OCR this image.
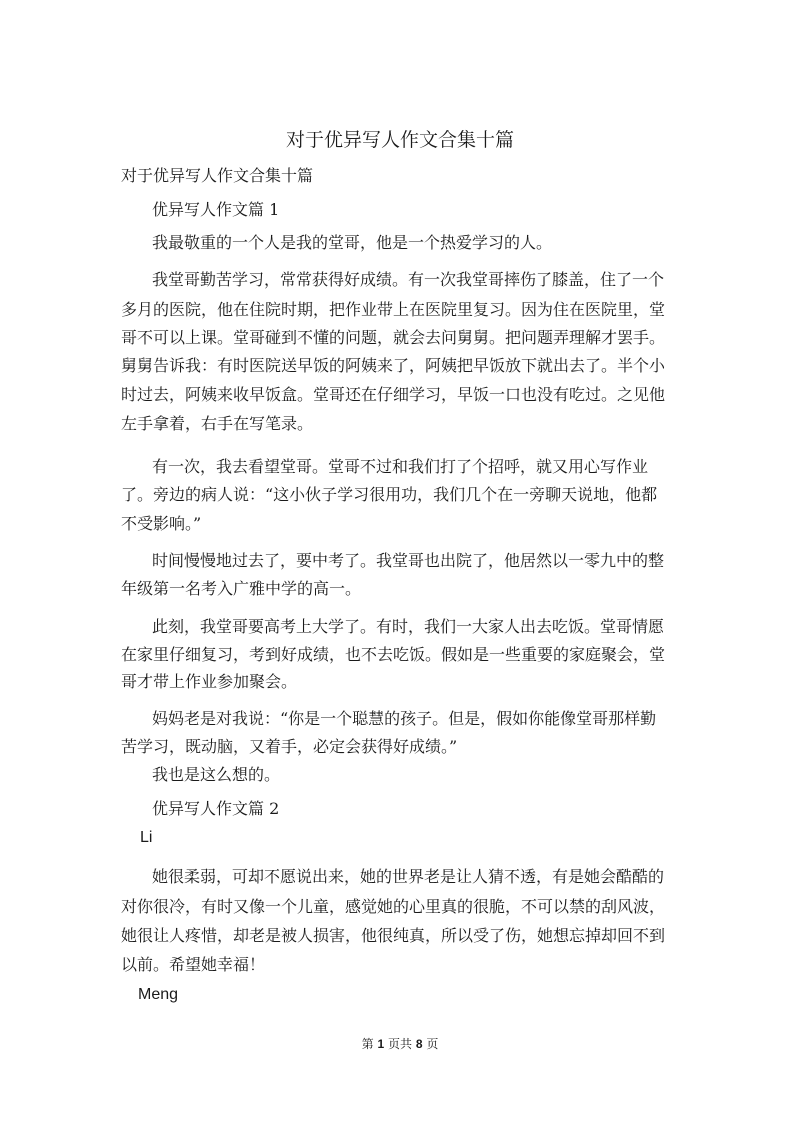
对于优异写人作文合集十篇
对于优异写人作文合集十篇
优异写人作文篇 1
我最敬重的一个人是我的堂哥，他是一个热爱学习的人。
我堂哥勤苦学习，常常获得好成绩。有一次我堂哥摔伤了膝盖，住了一个
多月的医院，他在住院时期，把作业带上在医院里复习。因为住在医院里，堂
哥不可以上课。堂哥碰到不懂的问题，就会去问舅舅。把问题弄理解才罢手。
舅舅告诉我：有时医院送早饭的阿姨来了，阿姨把早饭放下就出去了。半个小
时过去，阿姨来收早饭盒。堂哥还在仔细学习，早饭一口也没有吃过。之见他
左手拿着，右手在写笔录。
有一次，我去看望堂哥。堂哥不过和我们打了个招呼，就又用心写作业
了。旁边的病人说：“这小伙子学习很用功，我们几个在一旁聊天说地，他都
不受影响。”
时间慢慢地过去了，要中考了。我堂哥也出院了，他居然以一零九中的整
年级第一名考入广雅中学的高一。
此刻，我堂哥要高考上大学了。有时，我们一大家人出去吃饭。堂哥情愿
在家里仔细复习，考到好成绩，也不去吃饭。假如是一些重要的家庭聚会，堂
哥才带上作业参加聚会。
妈妈老是对我说：“你是一个聪慧的孩子。但是，假如你能像堂哥那样勤
苦学习，既动脑，又着手，必定会获得好成绩。”
我也是这么想的。
优异写人作文篇 2
Li
她很柔弱，可却不愿说出来，她的世界老是让人猜不透，有是她会酷酷的
对你很冷，有时又像一个儿童，感觉她的心里真的很脆，不可以禁的刮风波，
她很让人疼惜，却老是被人损害，他很纯真，所以受了伤，她想忘掉却回不到
以前。希望她幸福！
Meng
第 1 页共 8 页
